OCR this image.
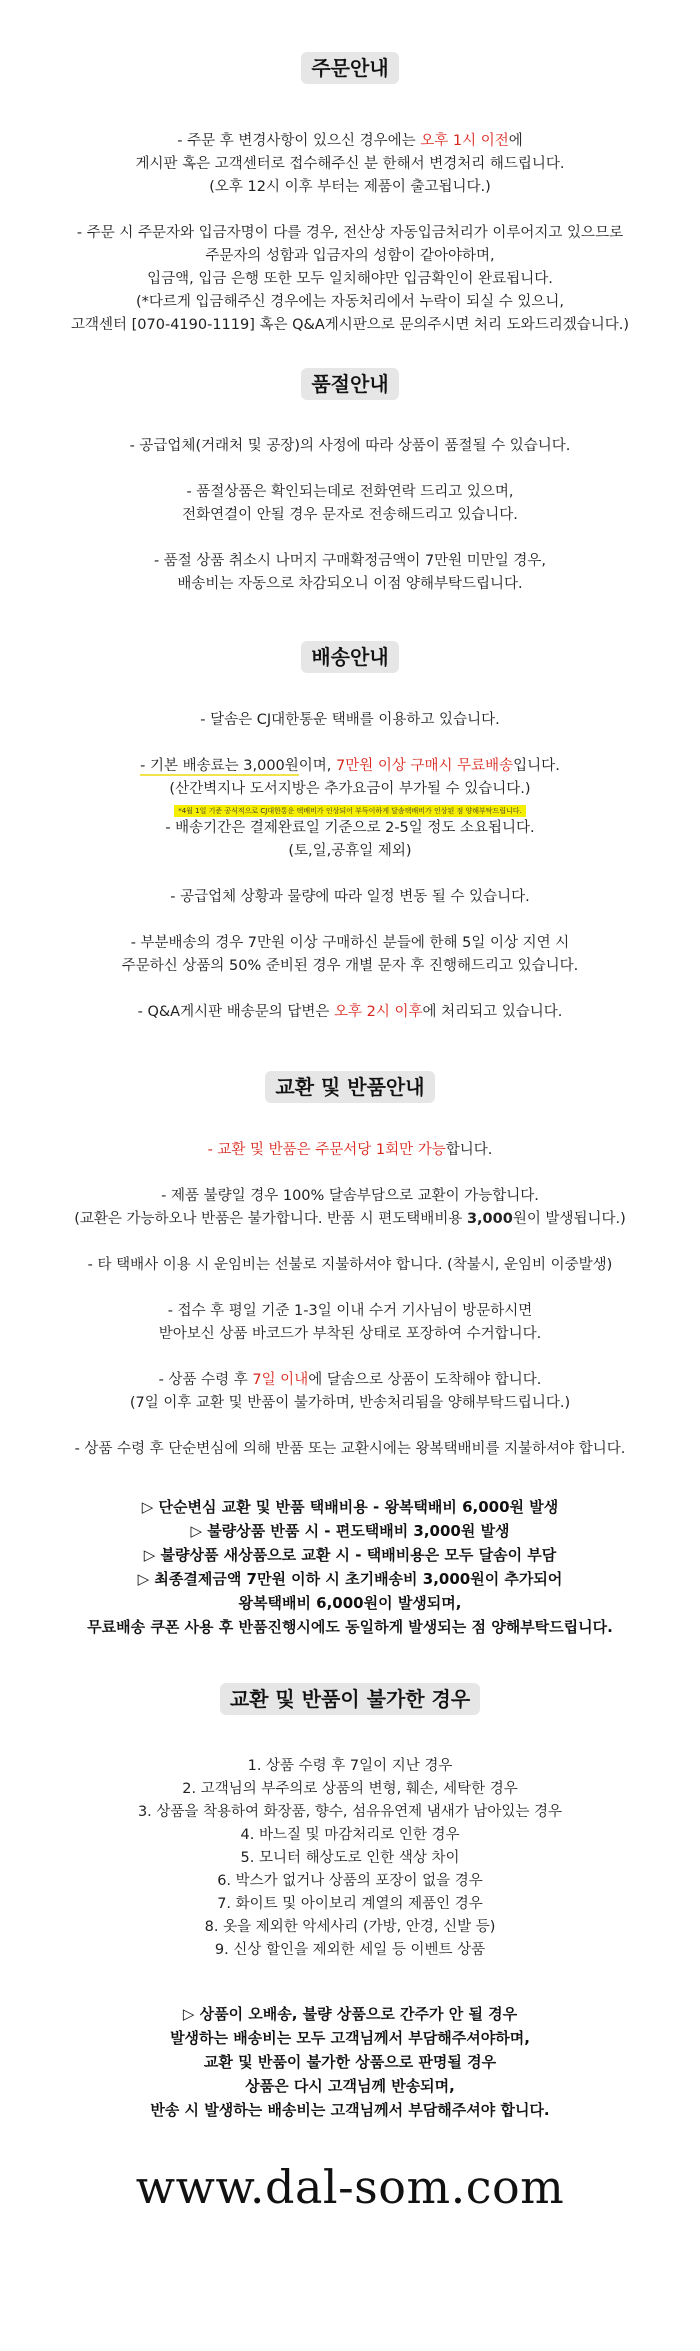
주문안내
- 주문 후 변경사항이 있으신 경우에는 오후 1시 이전에
게시판 혹은 고객센터로 접수해주신 분 한해서 변경처리 해드립니다.
(오후 12시 이후 부터는 제품이 출고됩니다.)
- 주문 시 주문자와 입금자명이 다를 경우, 전산상 자동입금처리가 이루어지고 있으므로
주문자의 성함과 입금자의 성함이 같아야하며,
입금액, 입금 은행 또한 모두 일치해야만 입금확인이 완료됩니다.
(*다르게 입금해주신 경우에는 자동처리에서 누락이 되실 수 있으니,
고객센터 [070-4190-1119] 혹은 Q&A게시판으로 문의주시면 처리 도와드리겠습니다.)
품절안내
- 공급업체(거래처 및 공장)의 사정에 따라 상품이 품절될 수 있습니다.
- 품절상품은 확인되는데로 전화연락 드리고 있으며,
전화연결이 안될 경우 문자로 전송해드리고 있습니다.
- 품절 상품 취소시 나머지 구매확정금액이 7만원 미만일 경우,
배송비는 자동으로 차감되오니 이점 양해부탁드립니다.
배송안내
- 달솜은 CJ대한통운 택배를 이용하고 있습니다.
- 기본 배송료는 3,000원이며, 7만원 이상 구매시 무료배송입니다.
(산간벽지나 도서지방은 추가요금이 부가될 수 있습니다.)
*4월 1일 기준 공식적으로 CJ대한통운 택배비가 인상되어 부득이하게 달솜택배비가 인상된 점 양해부탁드립니다.
- 배송기간은 결제완료일 기준으로 2-5일 정도 소요됩니다.
(토,일,공휴일 제외)
- 공급업체 상황과 물량에 따라 일정 변동 될 수 있습니다.
- 부분배송의 경우 7만원 이상 구매하신 분들에 한해 5일 이상 지연 시
주문하신 상품의 50% 준비된 경우 개별 문자 후 진행해드리고 있습니다.
- Q&A게시판 배송문의 답변은 오후 2시 이후에 처리되고 있습니다.
교환 및 반품안내
- 교환 및 반품은 주문서당 1회만 가능합니다.
- 제품 불량일 경우 100% 달솜부담으로 교환이 가능합니다.
(교환은 가능하오나 반품은 불가합니다. 반품 시 편도택배비용 3,000원이 발생됩니다.)
- 타 택배사 이용 시 운임비는 선불로 지불하셔야 합니다. (착불시, 운임비 이중발생)
- 접수 후 평일 기준 1-3일 이내 수거 기사님이 방문하시면
받아보신 상품 바코드가 부착된 상태로 포장하여 수거합니다.
- 상품 수령 후 7일 이내에 달솜으로 상품이 도착해야 합니다.
(7일 이후 교환 및 반품이 불가하며, 반송처리됨을 양해부탁드립니다.)
- 상품 수령 후 단순변심에 의해 반품 또는 교환시에는 왕복택배비를 지불하셔야 합니다.
▷ 단순변심 교환 및 반품 택배비용 - 왕복택배비 6,000원 발생
▷ 불량상품 반품 시 - 편도택배비 3,000원 발생
▷ 불량상품 새상품으로 교환 시 - 택배비용은 모두 달솜이 부담
▷ 최종결제금액 7만원 이하 시 초기배송비 3,000원이 추가되어
왕복택배비 6,000원이 발생되며,
무료배송 쿠폰 사용 후 반품진행시에도 동일하게 발생되는 점 양해부탁드립니다.
교환 및 반품이 불가한 경우
1. 상품 수령 후 7일이 지난 경우
2. 고객님의 부주의로 상품의 변형, 훼손, 세탁한 경우
3. 상품을 착용하여 화장품, 향수, 섬유유연제 냄새가 남아있는 경우
4. 바느질 및 마감처리로 인한 경우
5. 모니터 해상도로 인한 색상 차이
6. 박스가 없거나 상품의 포장이 없을 경우
7. 화이트 및 아이보리 계열의 제품인 경우
8. 옷을 제외한 악세사리 (가방, 안경, 신발 등)
9. 신상 할인을 제외한 세일 등 이벤트 상품
▷ 상품이 오배송, 불량 상품으로 간주가 안 될 경우
발생하는 배송비는 모두 고객님께서 부담해주셔야하며,
교환 및 반품이 불가한 상품으로 판명될 경우
상품은 다시 고객님께 반송되며,
반송 시 발생하는 배송비는 고객님께서 부담해주셔야 합니다.
www.dal-som.com
